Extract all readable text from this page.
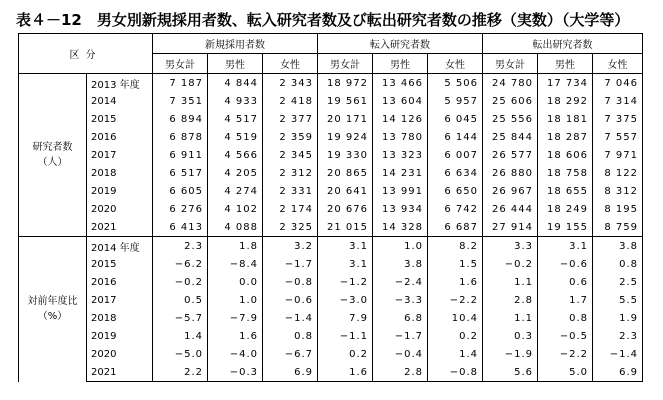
表４－12　男女別新規採用者数、転入研究者数及び転出研究者数の推移（実数）（大学等）
区分		新規採用者数			転入研究者数			転出研究者数		
		男女計	男性	女性	男女計	男性	女性	男女計	男性	女性

研究者数
（人）	2013 年度	7 187	4 844	2 343	18 972	13 466	5 506	24 780	17 734	7 046
	2014	7 351	4 933	2 418	19 561	13 604	5 957	25 606	18 292	7 314
	2015	6 894	4 517	2 377	20 171	14 126	6 045	25 556	18 181	7 375
	2016	6 878	4 519	2 359	19 924	13 780	6 144	25 844	18 287	7 557
	2017	6 911	4 566	2 345	19 330	13 323	6 007	26 577	18 606	7 971
	2018	6 517	4 205	2 312	20 865	14 231	6 634	26 880	18 758	8 122
	2019	6 605	4 274	2 331	20 641	13 991	6 650	26 967	18 655	8 312
	2020	6 276	4 102	2 174	20 676	13 934	6 742	26 444	18 249	8 195
	2021	6 413	4 088	2 325	21 015	14 328	6 687	27 914	19 155	8 759

対前年度比
（%）	2014 年度	2.3	1.8	3.2	3.1	1.0	8.2	3.3	3.1	3.8
	2015	−6.2	−8.4	−1.7	3.1	3.8	1.5	−0.2	−0.6	0.8
	2016	−0.2	0.0	−0.8	−1.2	−2.4	1.6	1.1	0.6	2.5
	2017	0.5	1.0	−0.6	−3.0	−3.3	−2.2	2.8	1.7	5.5
	2018	−5.7	−7.9	−1.4	7.9	6.8	10.4	1.1	0.8	1.9
	2019	1.4	1.6	0.8	−1.1	−1.7	0.2	0.3	−0.5	2.3
	2020	−5.0	−4.0	−6.7	0.2	−0.4	1.4	−1.9	−2.2	−1.4
	2021	2.2	−0.3	6.9	1.6	2.8	−0.8	5.6	5.0	6.9
